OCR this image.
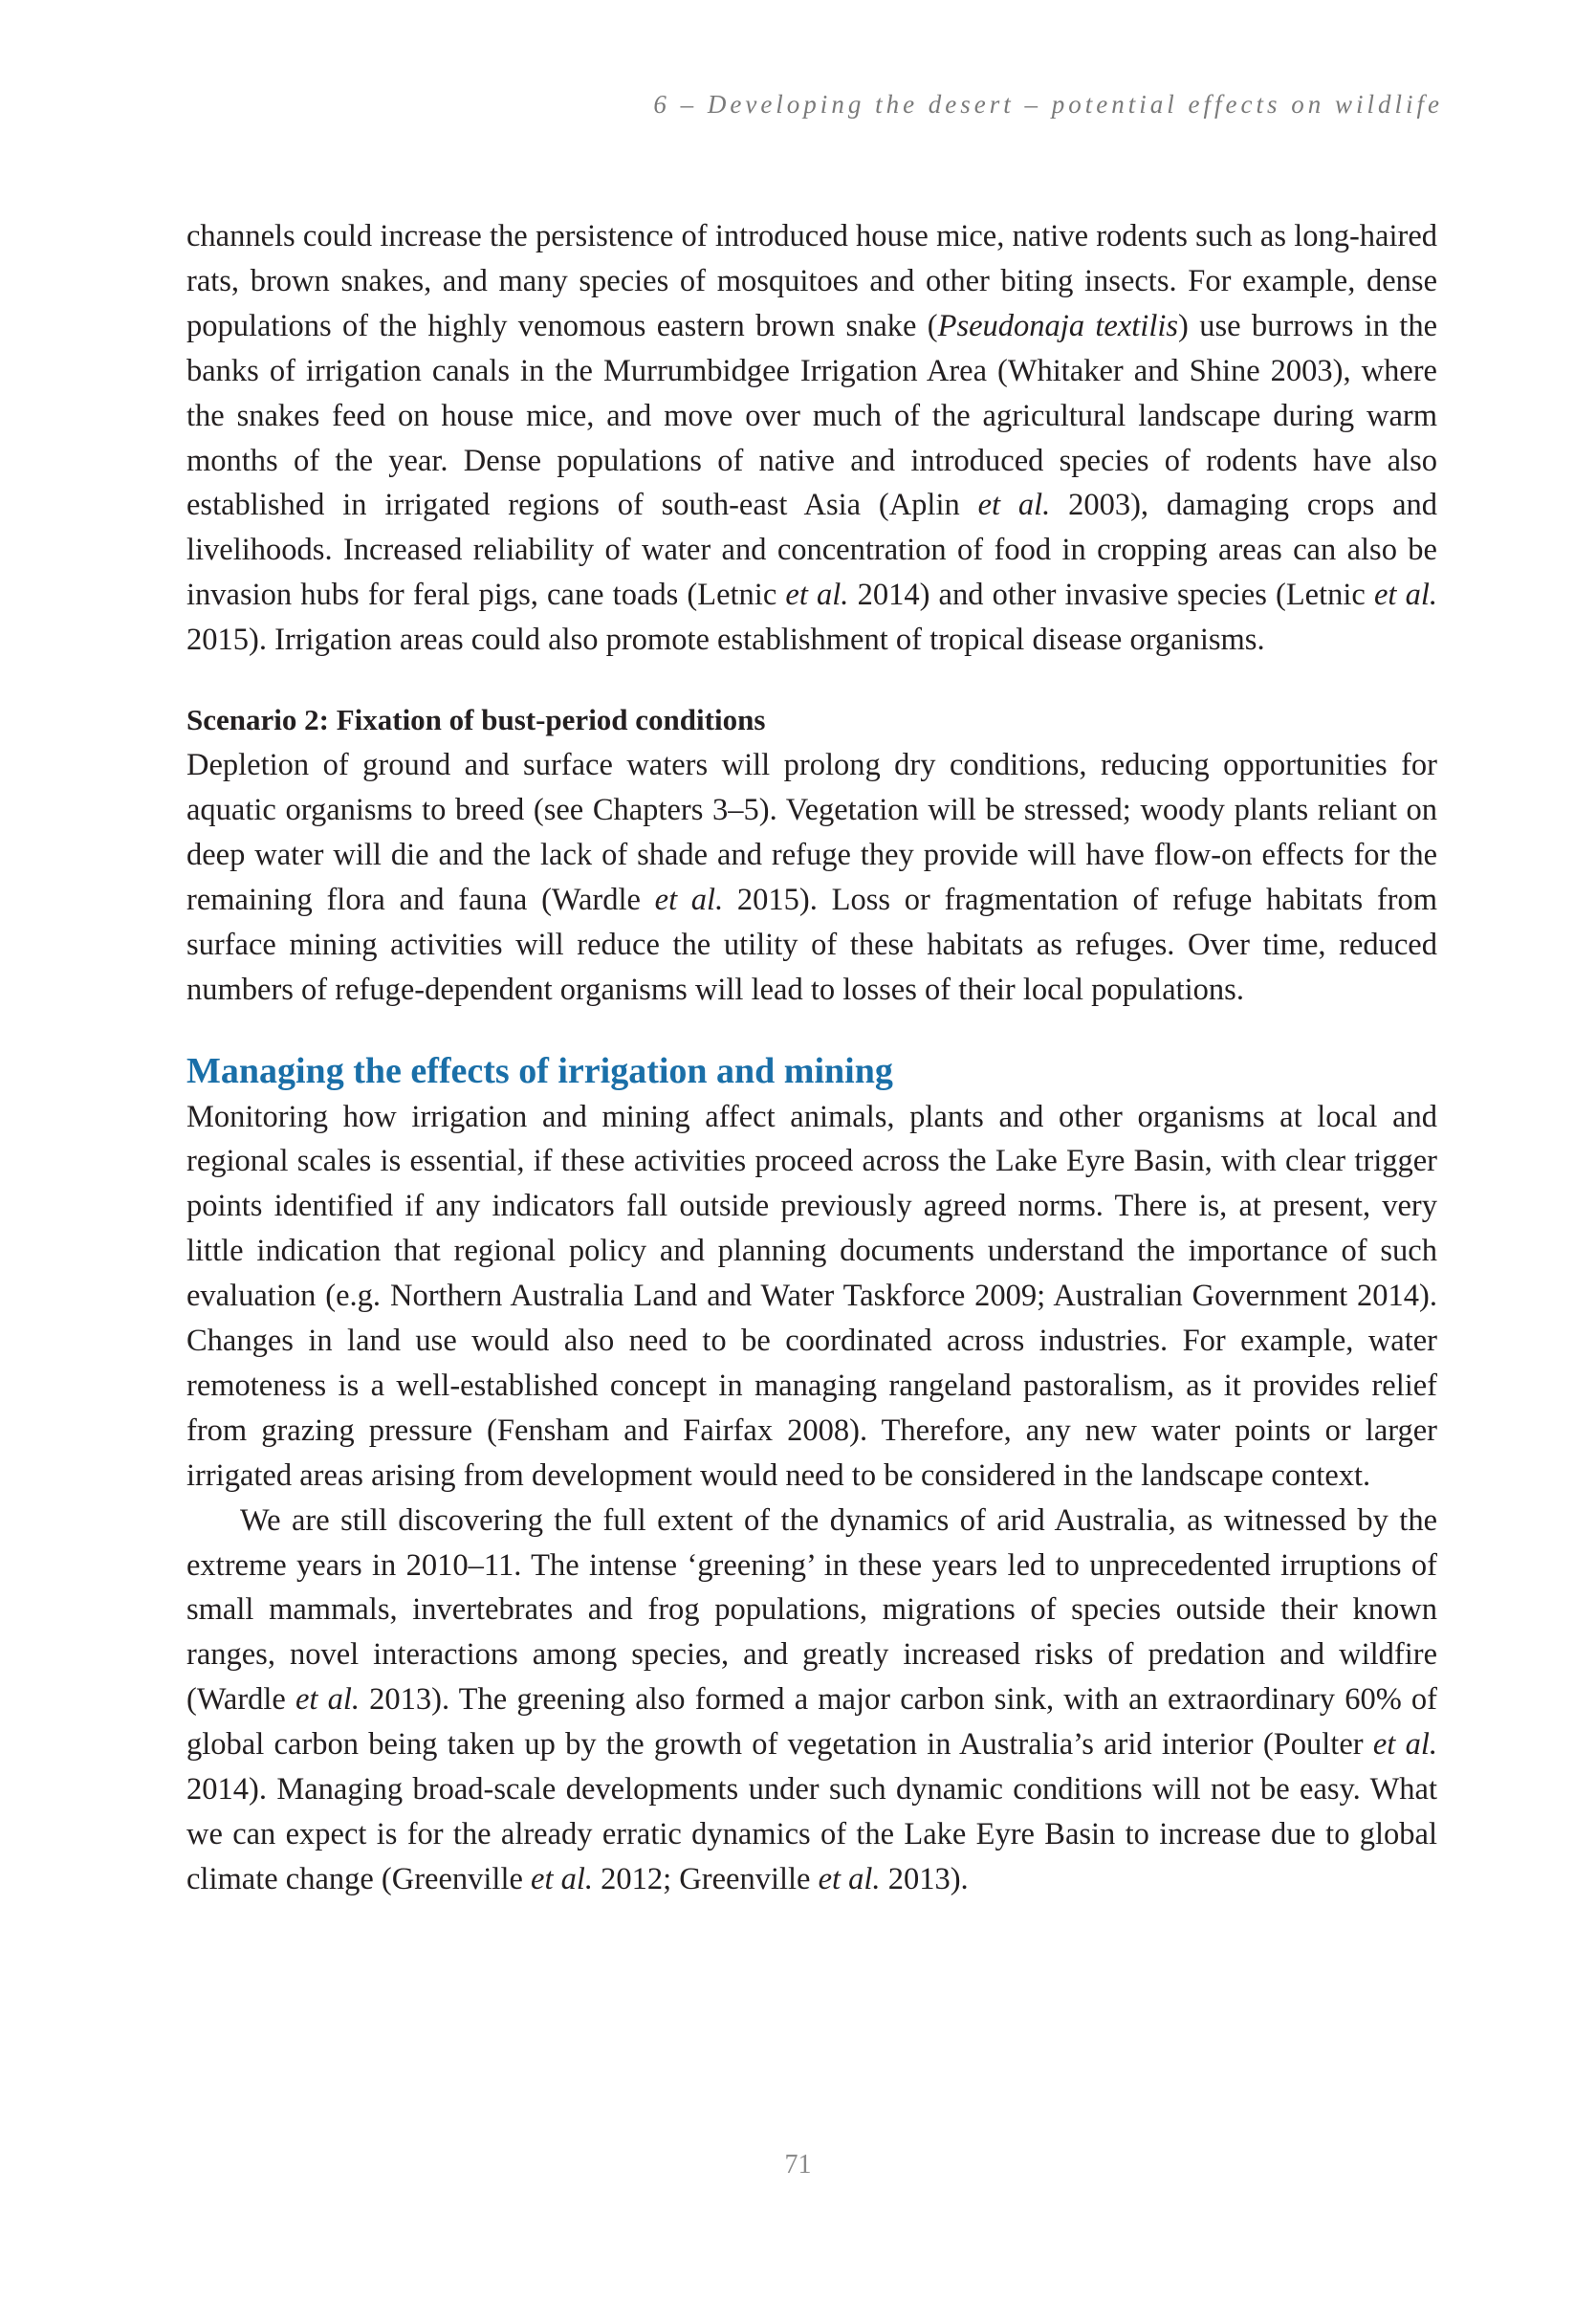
6 – Developing the desert – potential effects on wildlife

channels could increase the persistence of introduced house mice, native rodents such as long-haired rats, brown snakes, and many species of mosquitoes and other biting insects. For example, dense populations of the highly venomous eastern brown snake (Pseudonaja textilis) use burrows in the banks of irrigation canals in the Murrumbidgee Irrigation Area (Whitaker and Shine 2003), where the snakes feed on house mice, and move over much of the agricultural landscape during warm months of the year. Dense populations of native and introduced species of rodents have also established in irrigated regions of south-east Asia (Aplin et al. 2003), damaging crops and livelihoods. Increased reliability of water and concentration of food in cropping areas can also be invasion hubs for feral pigs, cane toads (Letnic et al. 2014) and other invasive species (Letnic et al. 2015). Irrigation areas could also promote establishment of tropical disease organisms.

Scenario 2: Fixation of bust-period conditions

Depletion of ground and surface waters will prolong dry conditions, reducing opportunities for aquatic organisms to breed (see Chapters 3–5). Vegetation will be stressed; woody plants reliant on deep water will die and the lack of shade and refuge they provide will have flow-on effects for the remaining flora and fauna (Wardle et al. 2015). Loss or fragmentation of refuge habitats from surface mining activities will reduce the utility of these habitats as refuges. Over time, reduced numbers of refuge-dependent organisms will lead to losses of their local populations.

Managing the effects of irrigation and mining

Monitoring how irrigation and mining affect animals, plants and other organisms at local and regional scales is essential, if these activities proceed across the Lake Eyre Basin, with clear trigger points identified if any indicators fall outside previously agreed norms. There is, at present, very little indication that regional policy and planning documents understand the importance of such evaluation (e.g. Northern Australia Land and Water Taskforce 2009; Australian Government 2014). Changes in land use would also need to be coordinated across industries. For example, water remoteness is a well-established concept in managing rangeland pastoralism, as it provides relief from grazing pressure (Fensham and Fairfax 2008). Therefore, any new water points or larger irrigated areas arising from development would need to be considered in the landscape context.

We are still discovering the full extent of the dynamics of arid Australia, as witnessed by the extreme years in 2010–11. The intense ‘greening’ in these years led to unprecedented irruptions of small mammals, invertebrates and frog populations, migrations of species outside their known ranges, novel interactions among species, and greatly increased risks of predation and wildfire (Wardle et al. 2013). The greening also formed a major carbon sink, with an extraordinary 60% of global carbon being taken up by the growth of vegetation in Australia’s arid interior (Poulter et al. 2014). Managing broad-scale developments under such dynamic conditions will not be easy. What we can expect is for the already erratic dynamics of the Lake Eyre Basin to increase due to global climate change (Greenville et al. 2012; Greenville et al. 2013).

71
